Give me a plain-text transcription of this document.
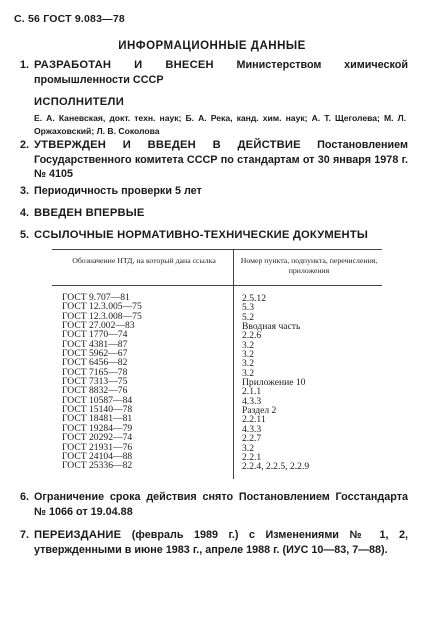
С. 56 ГОСТ 9.083—78
ИНФОРМАЦИОННЫЕ ДАННЫЕ
1. РАЗРАБОТАН И ВНЕСЕН Министерством химической промышленности СССР
ИСПОЛНИТЕЛИ
Е. А. Каневская, докт. техн. наук; Б. А. Река, канд. хим. наук; А. Т. Щеголева; М. Л. Оржаховский; Л. В. Соколова
2. УТВЕРЖДЕН И ВВЕДЕН В ДЕЙСТВИЕ Постановлением Государственного комитета СССР по стандартам от 30 января 1978 г. № 4105
3. Периодичность проверки 5 лет
4. ВВЕДЕН ВПЕРВЫЕ
5. ССЫЛОЧНЫЕ НОРМАТИВНО-ТЕХНИЧЕСКИЕ ДОКУМЕНТЫ
Обозначение НТД, на который дана ссылка	Номер пункта, подпункта, перечисления, приложения
ГОСТ 9.707—81
ГОСТ 12.3.005—75
ГОСТ 12.3.008—75
ГОСТ 27.002—83
ГОСТ 1770—74
ГОСТ 4381—87
ГОСТ 5962—67
ГОСТ 6456—82
ГОСТ 7165—78
ГОСТ 7313—75
ГОСТ 8832—76
ГОСТ 10587—84
ГОСТ 15140—78
ГОСТ 18481—81
ГОСТ 19284—79
ГОСТ 20292—74
ГОСТ 21931—76
ГОСТ 24104—88
ГОСТ 25336—82
2.5.12
5.3
5.2
Вводная часть
2.2.6
3.2
3.2
3.2
3.2
Приложение 10
2.1.1
4.3.3
Раздел 2
2.2.11
4.3.3
2.2.7
3.2
2.2.1
2.2.4, 2.2.5, 2.2.9
6. Ограничение срока действия снято Постановлением Госстандарта № 1066 от 19.04.88
7. ПЕРЕИЗДАНИЕ (февраль 1989 г.) с Изменениями № 1, 2, утвержденными в июне 1983 г., апреле 1988 г. (ИУС 10—83, 7—88).
